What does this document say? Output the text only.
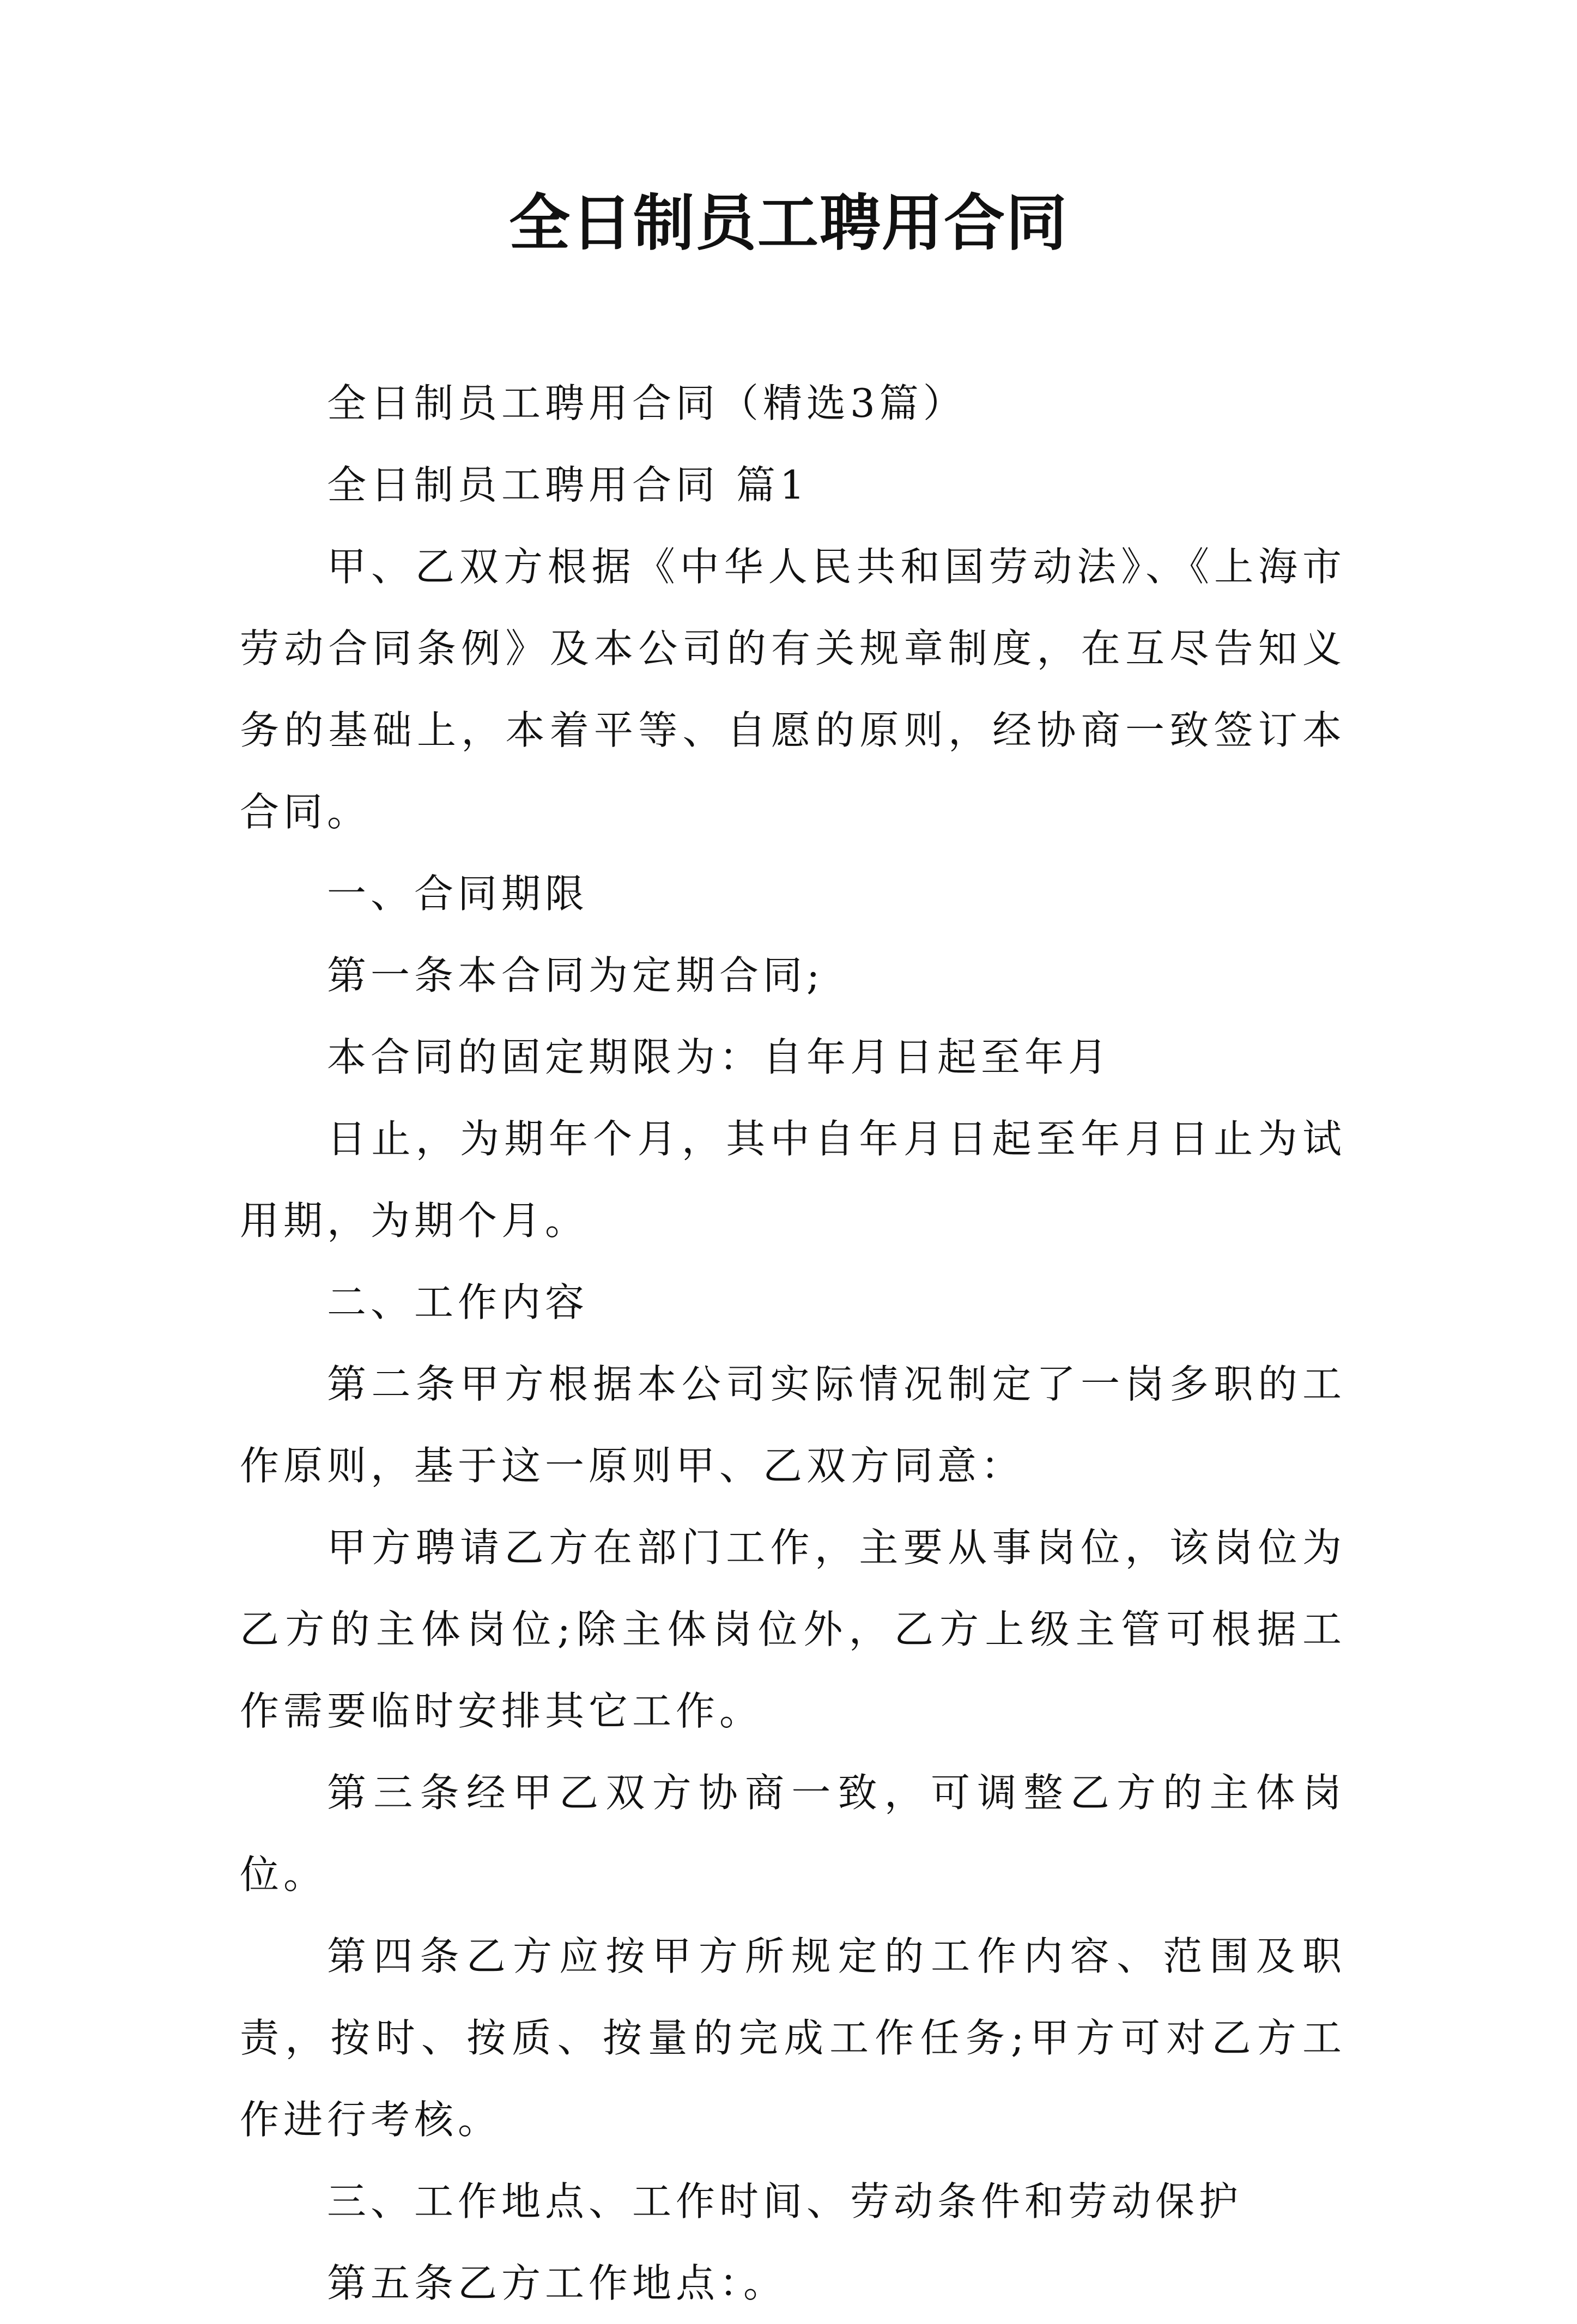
全日制员工聘用合同

全日制员工聘用合同（精选3篇）

全日制员工聘用合同 篇1

甲、乙双方根据《中华人民共和国劳动法》、《上海市劳动合同条例》及本公司的有关规章制度，在互尽告知义务的基础上，本着平等、自愿的原则，经协商一致签订本合同。

一、合同期限

第一条本合同为定期合同;

本合同的固定期限为：自年月日起至年月

日止，为期年个月，其中自年月日起至年月日止为试用期，为期个月。

二、工作内容

第二条甲方根据本公司实际情况制定了一岗多职的工作原则，基于这一原则甲、乙双方同意：

甲方聘请乙方在部门工作，主要从事岗位，该岗位为乙方的主体岗位;除主体岗位外，乙方上级主管可根据工作需要临时安排其它工作。

第三条经甲乙双方协商一致，可调整乙方的主体岗位。

第四条乙方应按甲方所规定的工作内容、范围及职责，按时、按质、按量的完成工作任务;甲方可对乙方工作进行考核。

三、工作地点、工作时间、劳动条件和劳动保护

第五条乙方工作地点：。
